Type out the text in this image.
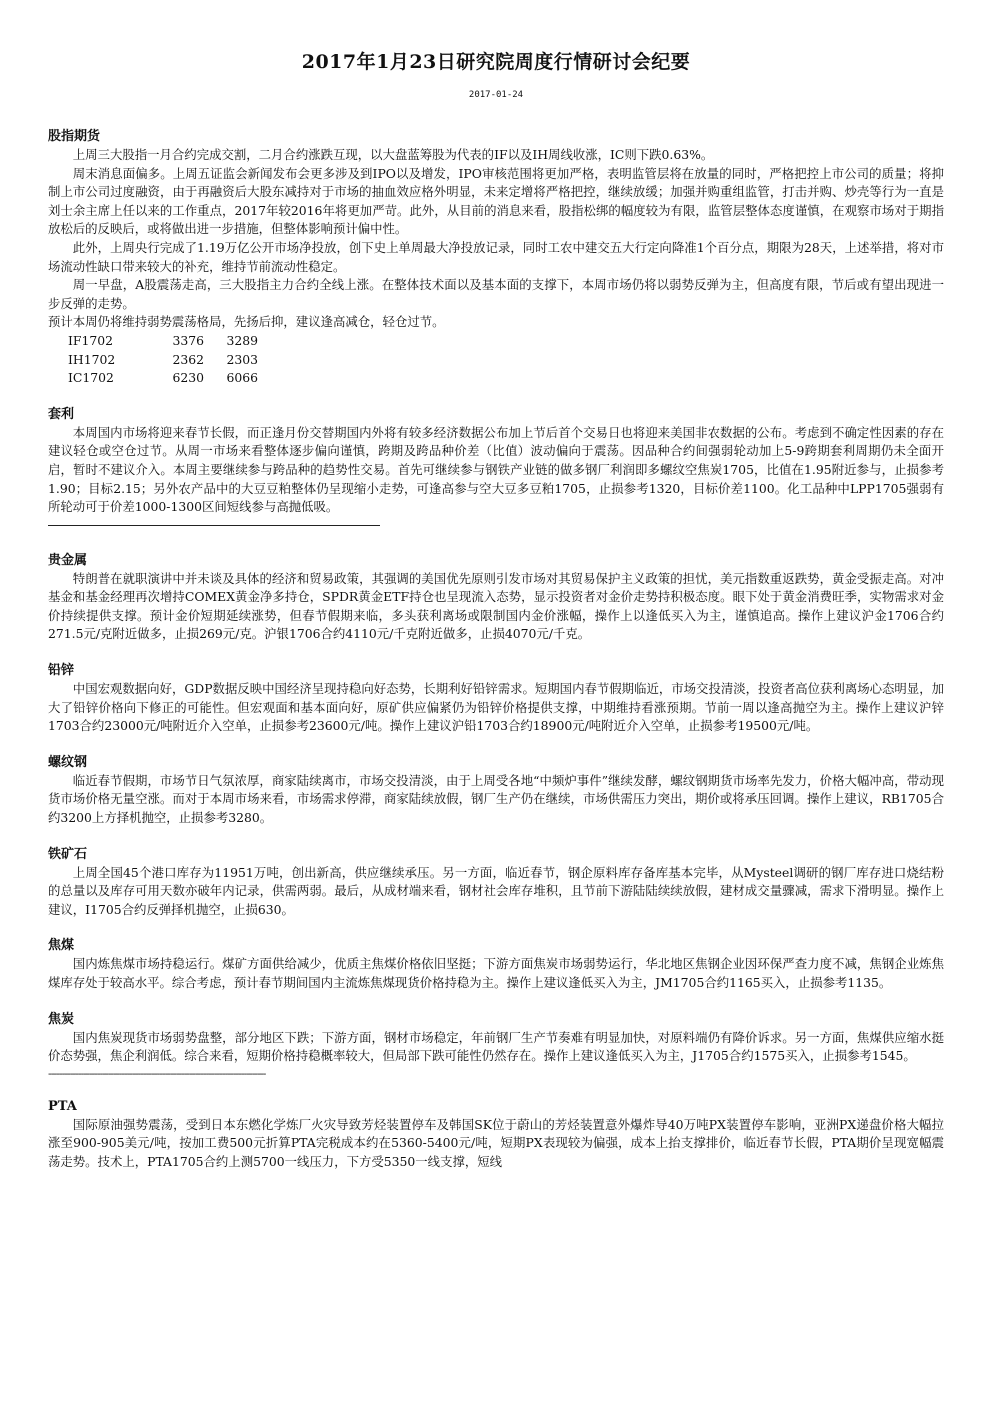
2017年1月23日研究院周度行情研讨会纪要
2017-01-24
股指期货

上周三大股指一月合约完成交割，二月合约涨跌互现，以大盘蓝筹股为代表的IF以及IH周线收涨，IC则下跌0.63%。

周末消息面偏多。上周五证监会新闻发布会更多涉及到IPO以及增发，IPO审核范围将更加严格，表明监管层将在放量的同时，严格把控上市公司的质量；将抑制上市公司过度融资，由于再融资后大股东减持对于市场的抽血效应格外明显，未来定增将严格把控，继续放缓；加强并购重组监管，打击并购、炒壳等行为一直是刘士余主席上任以来的工作重点，2017年较2016年将更加严苛。此外，从目前的消息来看，股指松绑的幅度较为有限，监管层整体态度谨慎，在观察市场对于期指放松后的反映后，或将做出进一步措施，但整体影响预计偏中性。

此外，上周央行完成了1.19万亿公开市场净投放，创下史上单周最大净投放记录，同时工农中建交五大行定向降准1个百分点，期限为28天，上述举措，将对市场流动性缺口带来较大的补充，维持节前流动性稳定。

周一早盘，A股震荡走高，三大股指主力合约全线上涨。在整体技术面以及基本面的支撑下，本周市场仍将以弱势反弹为主，但高度有限，节后或有望出现进一步反弹的走势。

预计本周仍将维持弱势震荡格局，先扬后抑，建议逢高减仓，轻仓过节。

IF1702	3376	3289
IH1702	2362	2303
IC1702	6230	6066
套利

本周国内市场将迎来春节长假，而正逢月份交替期国内外将有较多经济数据公布加上节后首个交易日也将迎来美国非农数据的公布。考虑到不确定性因素的存在建议轻仓或空仓过节。从周一市场来看整体逐步偏向谨慎，跨期及跨品种价差（比值）波动偏向于震荡。因品种合约间强弱轮动加上5-9跨期套利周期仍未全面开启，暂时不建议介入。本周主要继续参与跨品种的趋势性交易。首先可继续参与钢铁产业链的做多钢厂利润即多螺纹空焦炭1705，比值在1.95附近参与，止损参考1.90；目标2.15；另外农产品中的大豆豆粕整体仍呈现缩小走势，可逢高参与空大豆多豆粕1705，止损参考1320，目标价差1100。化工品种中LPP1705强弱有所轮动可于价差1000-1300区间短线参与高抛低吸。

贵金属

特朗普在就职演讲中并未谈及具体的经济和贸易政策，其强调的美国优先原则引发市场对其贸易保护主义政策的担忧，美元指数重返跌势，黄金受振走高。对冲基金和基金经理再次增持COMEX黄金净多持仓，SPDR黄金ETF持仓也呈现流入态势，显示投资者对金价走势持积极态度。眼下处于黄金消费旺季，实物需求对金价持续提供支撑。预计金价短期延续涨势，但春节假期来临，多头获利离场或限制国内金价涨幅，操作上以逢低买入为主，谨慎追高。操作上建议沪金1706合约271.5元/克附近做多，止损269元/克。沪银1706合约4110元/千克附近做多，止损4070元/千克。

铅锌

中国宏观数据向好，GDP数据反映中国经济呈现持稳向好态势，长期利好铅锌需求。短期国内春节假期临近，市场交投清淡，投资者高位获利离场心态明显，加大了铅锌价格向下修正的可能性。但宏观面和基本面向好，原矿供应偏紧仍为铅锌价格提供支撑，中期维持看涨预期。节前一周以逢高抛空为主。操作上建议沪锌1703合约23000元/吨附近介入空单，止损参考23600元/吨。操作上建议沪铅1703合约18900元/吨附近介入空单，止损参考19500元/吨。

螺纹钢

临近春节假期，市场节日气氛浓厚，商家陆续离市，市场交投清淡，由于上周受各地“中频炉事件”继续发酵，螺纹钢期货市场率先发力，价格大幅冲高，带动现货市场价格无量空涨。而对于本周市场来看，市场需求停滞，商家陆续放假，钢厂生产仍在继续，市场供需压力突出，期价或将承压回调。操作上建议，RB1705合约3200上方择机抛空，止损参考3280。

铁矿石

上周全国45个港口库存为11951万吨，创出新高，供应继续承压。另一方面，临近春节，钢企原料库存备库基本完毕，从Mysteel调研的钢厂库存进口烧结粉的总量以及库存可用天数亦破年内记录，供需两弱。最后，从成材端来看，钢材社会库存堆积，且节前下游陆陆续续放假，建材成交量骤减，需求下滑明显。操作上建议，I1705合约反弹择机抛空，止损630。

焦煤

国内炼焦煤市场持稳运行。煤矿方面供给减少，优质主焦煤价格依旧坚挺；下游方面焦炭市场弱势运行，华北地区焦钢企业因环保严查力度不减，焦钢企业炼焦煤库存处于较高水平。综合考虑，预计春节期间国内主流炼焦煤现货价格持稳为主。操作上建议逢低买入为主，JM1705合约1165买入，止损参考1135。

焦炭

国内焦炭现货市场弱势盘整，部分地区下跌；下游方面，钢材市场稳定，年前钢厂生产节奏难有明显加快，对原料端仍有降价诉求。另一方面，焦煤供应缩水挺价态势强，焦企利润低。综合来看，短期价格持稳概率较大，但局部下跌可能性仍然存在。操作上建议逢低买入为主，J1705合约1575买入，止损参考1545。

--------------------------------------------------------------------------------
PTA

国际原油强势震荡，受到日本东燃化学炼厂火灾导致芳烃装置停车及韩国SK位于蔚山的芳烃装置意外爆炸导40万吨PX装置停车影响，亚洲PX递盘价格大幅拉涨至900-905美元/吨，按加工费500元折算PTA完税成本约在5360-5400元/吨，短期PX表现较为偏强，成本上抬支撑排价，临近春节长假，PTA期价呈现宽幅震荡走势。技术上，PTA1705合约上测5700一线压力，下方受5350一线支撑，短线
